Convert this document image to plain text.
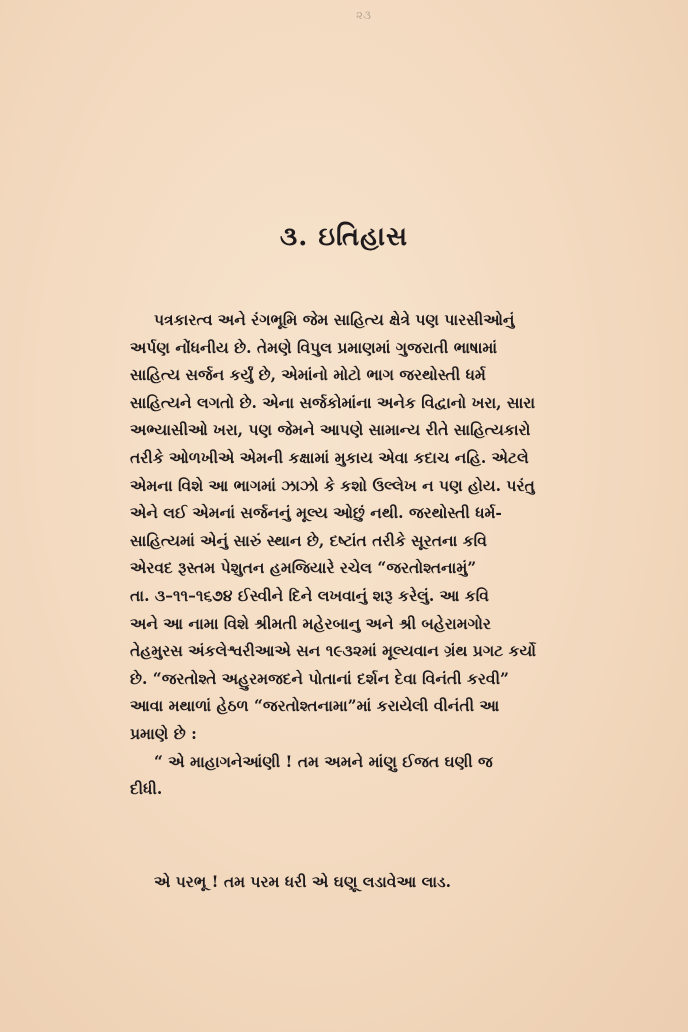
૨૩
૩. ઇતિહાસ
પત્રકારત્વ અને રંગભૂમિ જેમ સાહિત્ય ક્ષેત્રે પણ પારસીઓનું
અર્પણ નોંધનીય છે. તેમણે વિપુલ પ્રમાણમાં ગુજરાતી ભાષામાં
સાહિત્ય સર્જન કર્યું છે, એમાંનો મોટો ભાગ જરથોસ્તી ધર્મ
સાહિત્યને લગતો છે. એના સર્જકોમાંના અનેક વિદ્વાનો ખરા, સારા
અભ્યાસીઓ ખરા, પણ જેમને આપણે સામાન્ય રીતે સાહિત્યકારો
તરીકે ઓળખીએ એમની કક્ષામાં મુકાય એવા કદાચ નહિ. એટલે
એમના વિશે આ ભાગમાં ઝાઝો કે કશો ઉલ્લેખ ન પણ હોય. પરંતુ
એને લઈ એમનાં સર્જનનું મૂલ્ય ઓછું નથી. જરથોસ્તી ધર્મ-
સાહિત્યમાં એનું સારું સ્થાન છે, દષ્ટાંત તરીકે સૂરતના કવિ
એરવદ રૂસ્તમ પેશુતન હમજિયારે રચેલ “જરતોશ્તનામું”
તા. ૩–૧૧–૧૬૭૪ ઈસ્વીને દિને લખવાનું શરૂ કરેલું. આ કવિ
અને આ નામા વિશે શ્રીમતી મહેરબાનુ અને શ્રી બહેરામગોર
તેહમુરસ અંકલેશ્વરીઆએ સન ૧૯૩૨માં મૂલ્યવાન ગ્રંથ પ્રગટ કર્યો
છે. “જરતોશ્તે અહુરમજદને પોતાનાં દર્શન દેવા વિનંતી કરવી”
આવા મથાળાં હેઠળ “જરતોશ્તનામા”માં કરાયેલી વીનંતી આ
પ્રમાણે છે :
“ એ માહાગનેઆંણી ! તમ અમને માંણુ ઈજત ઘણી જ
દીધી.
એ પરભૂ ! તમ પરમ ધરી એ ઘણૂ લડાવેઆ લાડ.
